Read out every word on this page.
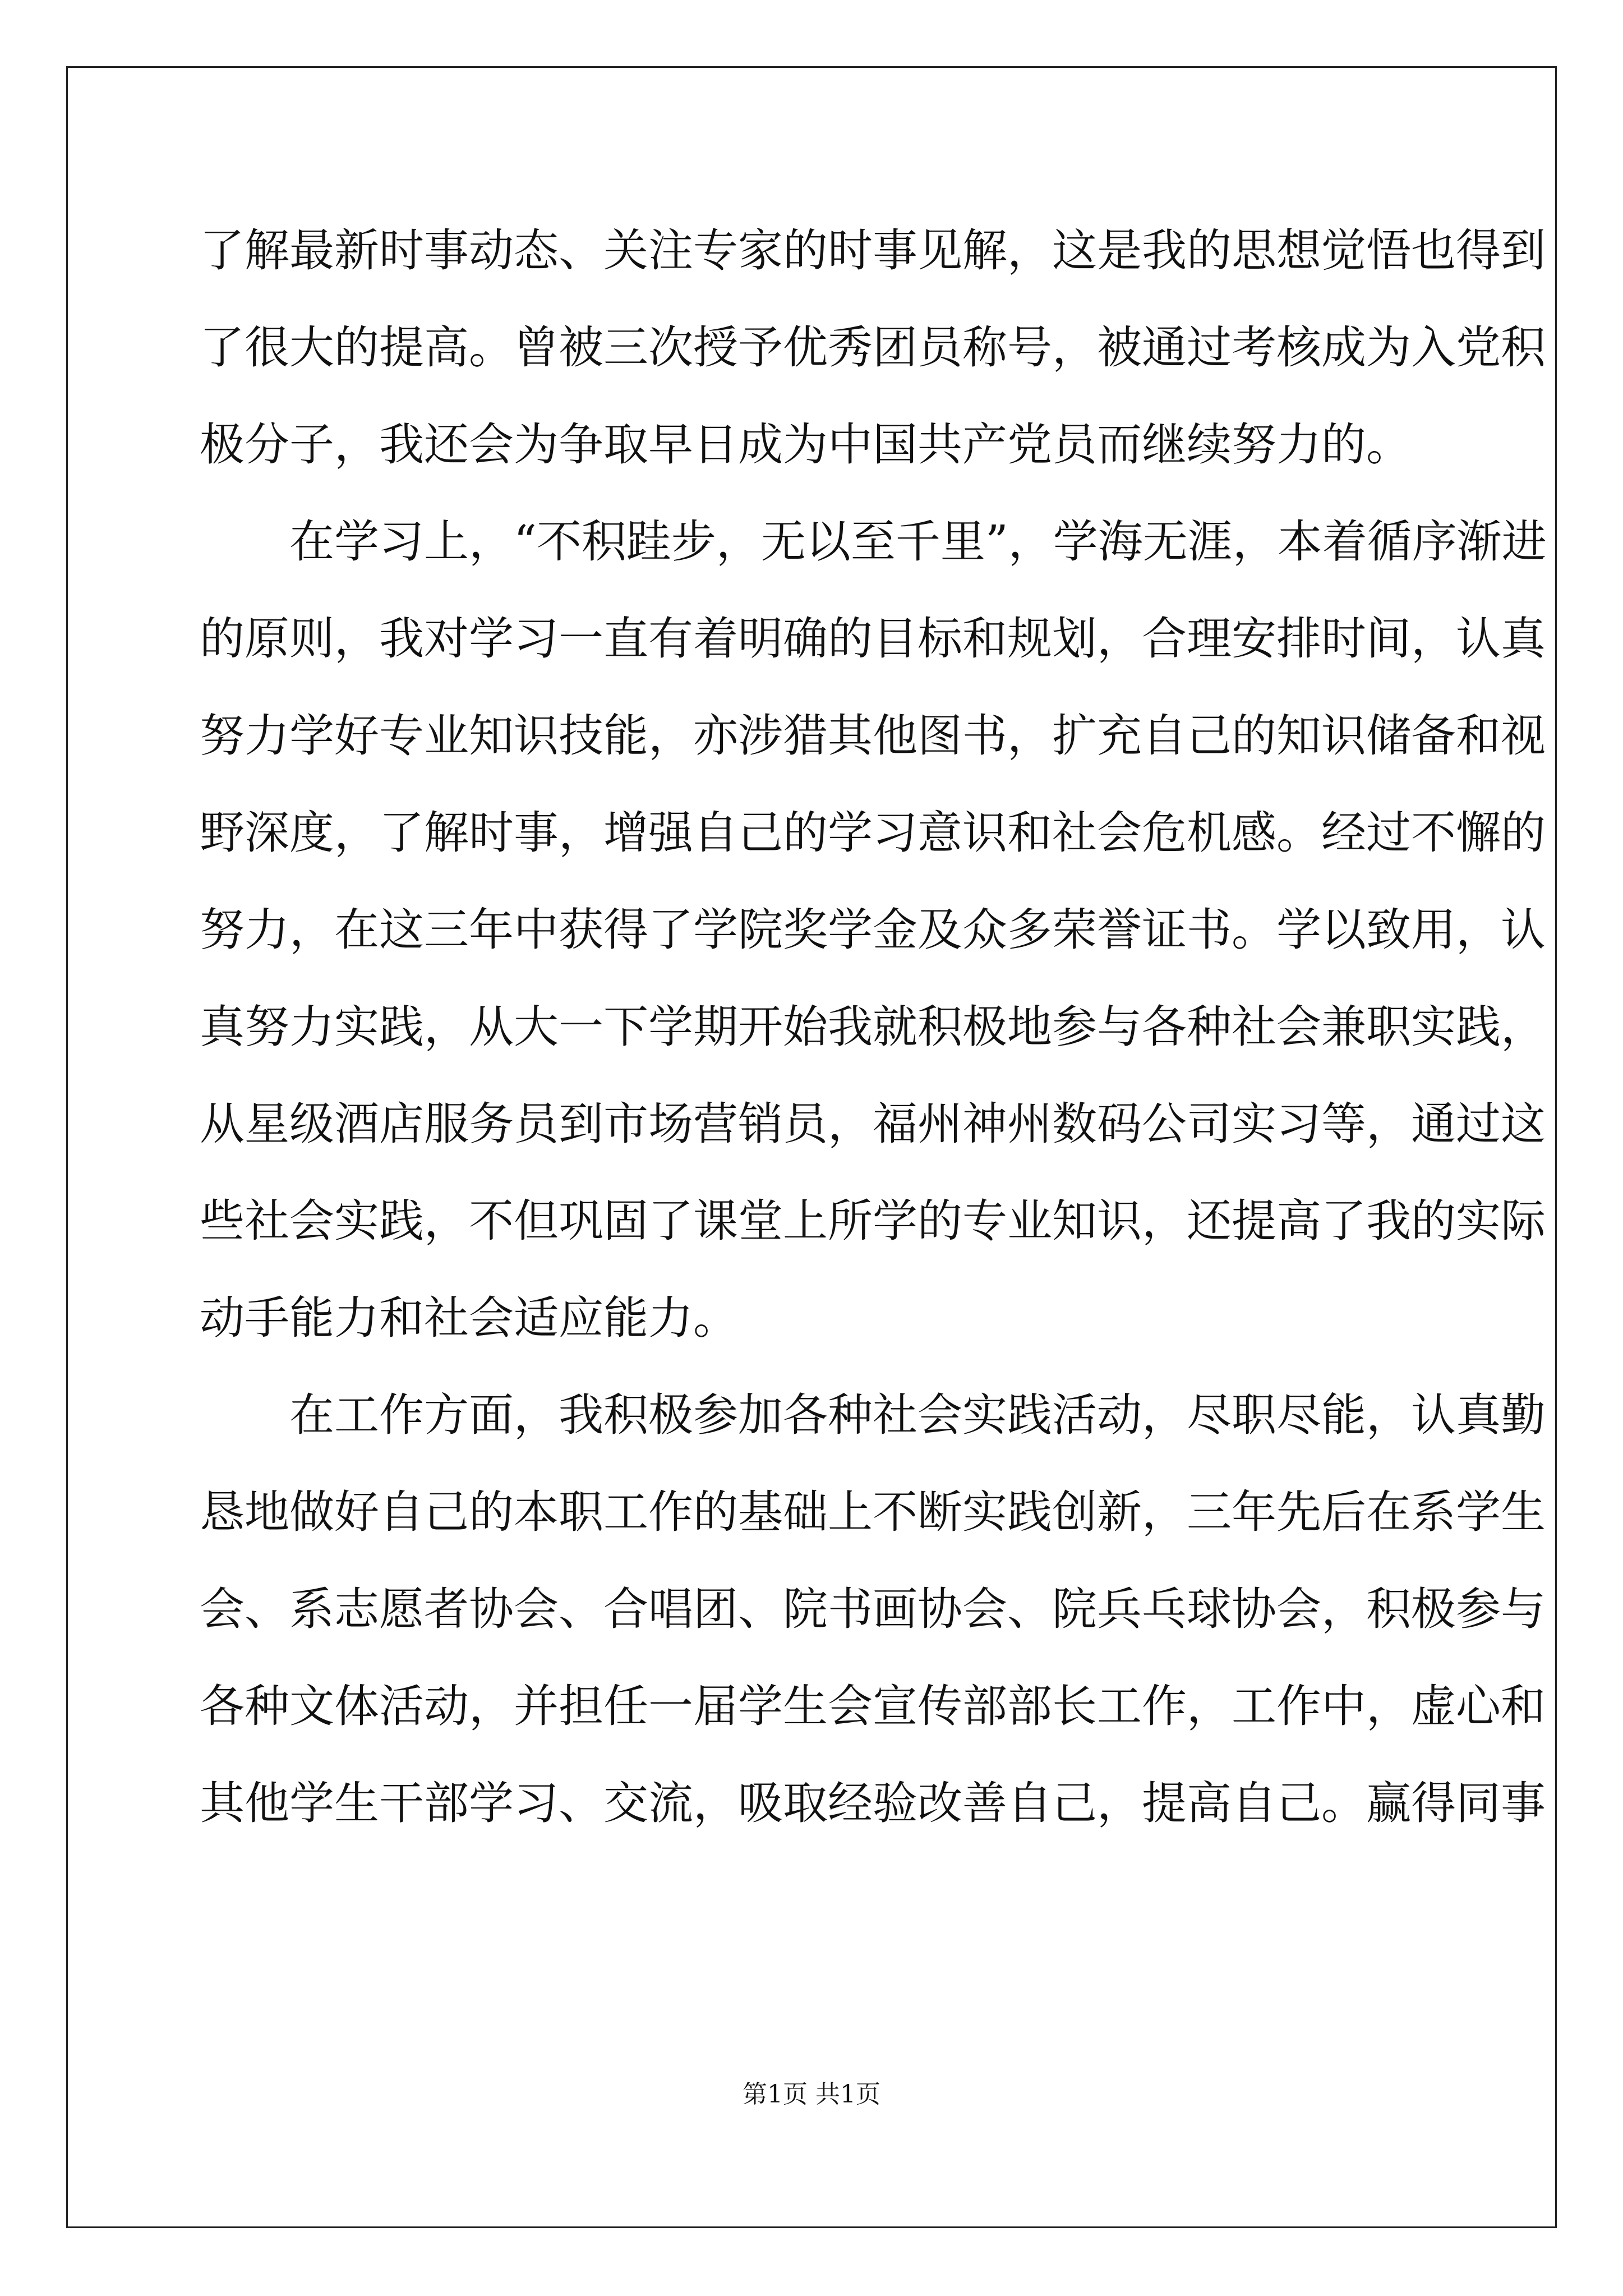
了解最新时事动态、关注专家的时事见解，这是我的思想觉悟也得到
了很大的提高。曾被三次授予优秀团员称号，被通过考核成为入党积
极分子，我还会为争取早日成为中国共产党员而继续努力的。
在学习上，“不积跬步，无以至千里”，学海无涯，本着循序渐进
的原则，我对学习一直有着明确的目标和规划，合理安排时间，认真
努力学好专业知识技能，亦涉猎其他图书，扩充自己的知识储备和视
野深度，了解时事，增强自己的学习意识和社会危机感。经过不懈的
努力，在这三年中获得了学院奖学金及众多荣誉证书。学以致用，认
真努力实践，从大一下学期开始我就积极地参与各种社会兼职实践，
从星级酒店服务员到市场营销员，福州神州数码公司实习等，通过这
些社会实践，不但巩固了课堂上所学的专业知识，还提高了我的实际
动手能力和社会适应能力。
在工作方面，我积极参加各种社会实践活动，尽职尽能，认真勤
恳地做好自己的本职工作的基础上不断实践创新，三年先后在系学生
会、系志愿者协会、合唱团、院书画协会、院兵乓球协会，积极参与
各种文体活动，并担任一届学生会宣传部部长工作，工作中，虚心和
其他学生干部学习、交流，吸取经验改善自己，提高自己。赢得同事
第1页 共1页
